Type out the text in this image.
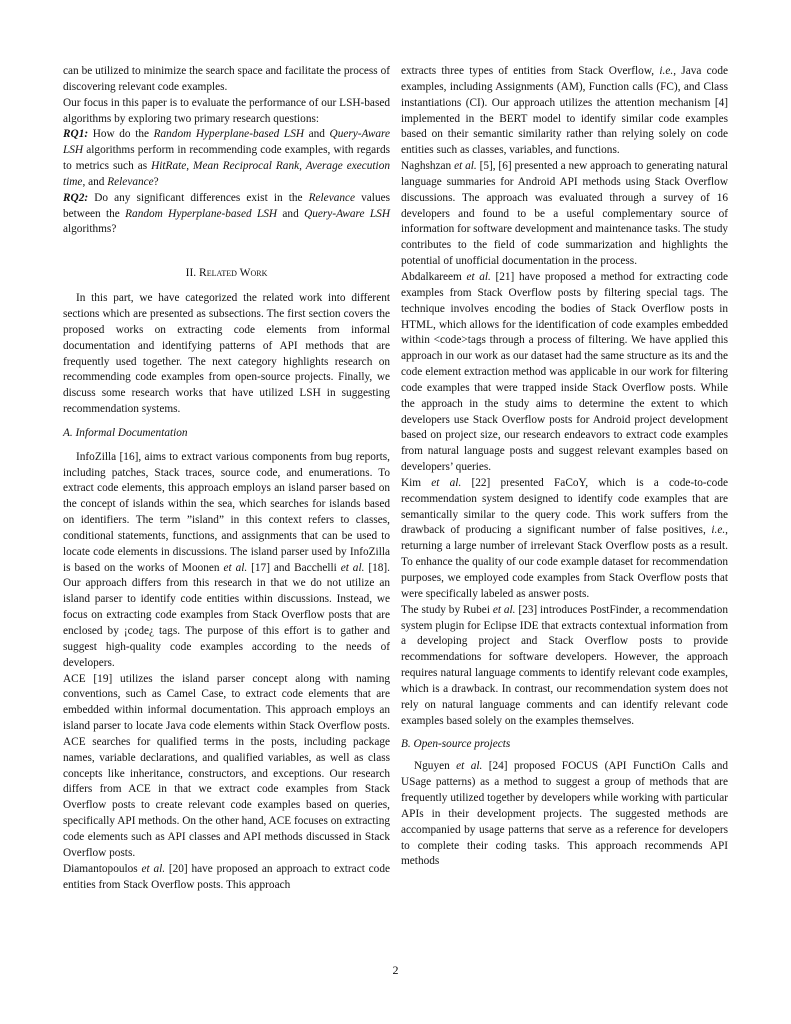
can be utilized to minimize the search space and facilitate the process of discovering relevant code examples.

Our focus in this paper is to evaluate the performance of our LSH-based algorithms by exploring two primary research questions:

RQ1: How do the Random Hyperplane-based LSH and Query-Aware LSH algorithms perform in recommending code examples, with regards to metrics such as HitRate, Mean Reciprocal Rank, Average execution time, and Relevance?

RQ2: Do any significant differences exist in the Relevance values between the Random Hyperplane-based LSH and Query-Aware LSH algorithms?

II. Related Work

In this part, we have categorized the related work into different sections which are presented as subsections. The first section covers the proposed works on extracting code elements from informal documentation and identifying patterns of API methods that are frequently used together. The next category highlights research on recommending code examples from open-source projects. Finally, we discuss some research works that have utilized LSH in suggesting recommendation systems.

A. Informal Documentation

InfoZilla [16], aims to extract various components from bug reports, including patches, Stack traces, source code, and enumerations. To extract code elements, this approach employs an island parser based on the concept of islands within the sea, which searches for islands based on identifiers. The term ”island” in this context refers to classes, conditional statements, functions, and assignments that can be used to locate code elements in discussions. The island parser used by InfoZilla is based on the works of Moonen et al. [17] and Bacchelli et al. [18]. Our approach differs from this research in that we do not utilize an island parser to identify code entities within discussions. Instead, we focus on extracting code examples from Stack Overflow posts that are enclosed by ¡code¿ tags. The purpose of this effort is to gather and suggest high-quality code examples according to the needs of developers.

ACE [19] utilizes the island parser concept along with naming conventions, such as Camel Case, to extract code elements that are embedded within informal documentation. This approach employs an island parser to locate Java code elements within Stack Overflow posts. ACE searches for qualified terms in the posts, including package names, variable declarations, and qualified variables, as well as class concepts like inheritance, constructors, and exceptions. Our research differs from ACE in that we extract code examples from Stack Overflow posts to create relevant code examples based on queries, specifically API methods. On the other hand, ACE focuses on extracting code elements such as API classes and API methods discussed in Stack Overflow posts.

Diamantopoulos et al. [20] have proposed an approach to extract code entities from Stack Overflow posts. This approach

extracts three types of entities from Stack Overflow, i.e., Java code examples, including Assignments (AM), Function calls (FC), and Class instantiations (CI). Our approach utilizes the attention mechanism [4] implemented in the BERT model to identify similar code examples based on their semantic similarity rather than relying solely on code entities such as classes, variables, and functions.

Naghshzan et al. [5], [6] presented a new approach to generating natural language summaries for Android API methods using Stack Overflow discussions. The approach was evaluated through a survey of 16 developers and found to be a useful complementary source of information for software development and maintenance tasks. The study contributes to the field of code summarization and highlights the potential of unofficial documentation in the process.

Abdalkareem et al. [21] have proposed a method for extracting code examples from Stack Overflow posts by filtering special tags. The technique involves encoding the bodies of Stack Overflow posts in HTML, which allows for the identification of code examples embedded within <code>tags through a process of filtering. We have applied this approach in our work as our dataset had the same structure as its and the code element extraction method was applicable in our work for filtering code examples that were trapped inside Stack Overflow posts. While the approach in the study aims to determine the extent to which developers use Stack Overflow posts for Android project development based on project size, our research endeavors to extract code examples from natural language posts and suggest relevant examples based on developers’ queries.

Kim et al. [22] presented FaCoY, which is a code-to-code recommendation system designed to identify code examples that are semantically similar to the query code. This work suffers from the drawback of producing a significant number of false positives, i.e., returning a large number of irrelevant Stack Overflow posts as a result. To enhance the quality of our code example dataset for recommendation purposes, we employed code examples from Stack Overflow posts that were specifically labeled as answer posts.

The study by Rubei et al. [23] introduces PostFinder, a recommendation system plugin for Eclipse IDE that extracts contextual information from a developing project and Stack Overflow posts to provide recommendations for software developers. However, the approach requires natural language comments to identify relevant code examples, which is a drawback. In contrast, our recommendation system does not rely on natural language comments and can identify relevant code examples based solely on the examples themselves.

B. Open-source projects

Nguyen et al. [24] proposed FOCUS (API FunctiOn Calls and USage patterns) as a method to suggest a group of methods that are frequently utilized together by developers while working with particular APIs in their development projects. The suggested methods are accompanied by usage patterns that serve as a reference for developers to complete their coding tasks. This approach recommends API methods

2
